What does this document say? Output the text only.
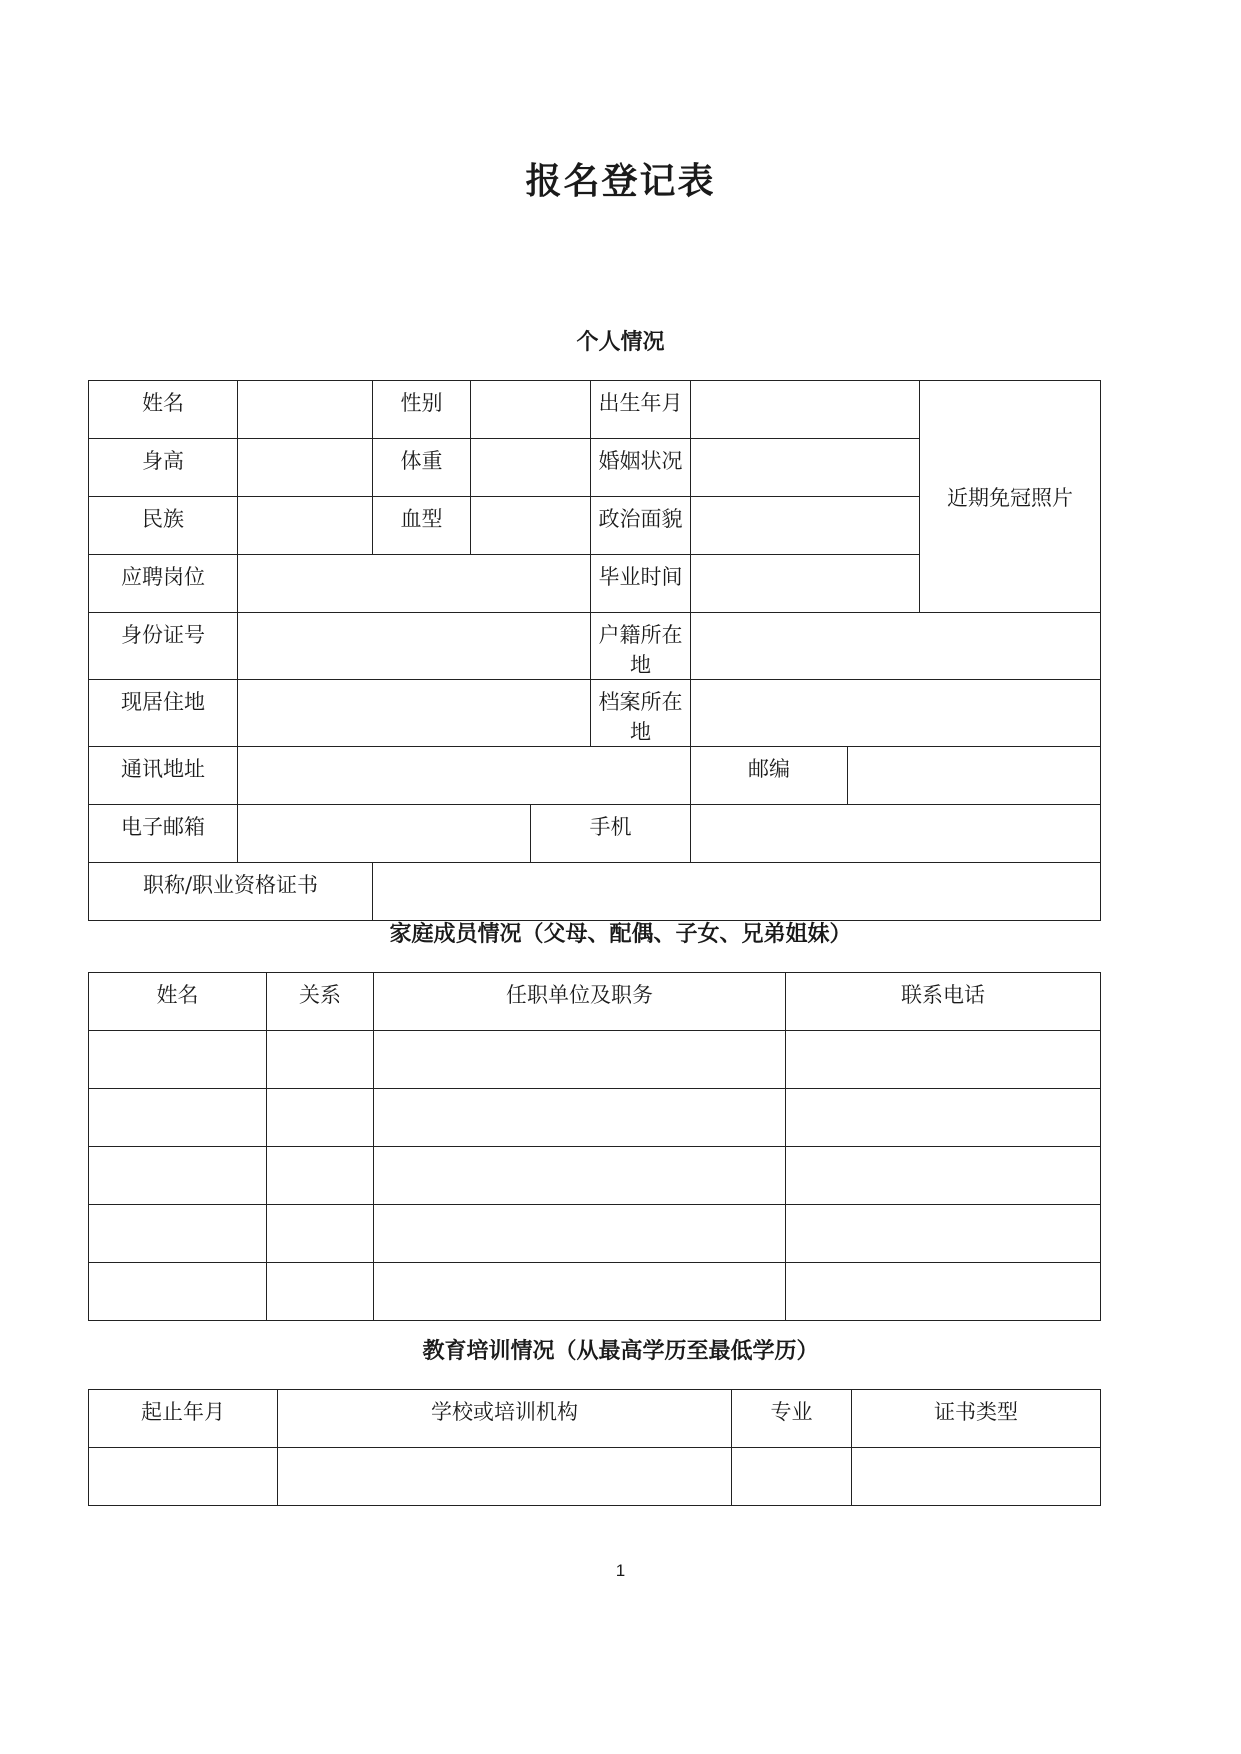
报名登记表
个人情况
姓名		性别			出生年月			近期免冠照片
身高		体重			婚姻状况			
民族		血型			政治面貌			
应聘岗位					毕业时间			
身份证号					户籍所在地			
现居住地					档案所在地			
通讯地址						邮编		
电子邮箱				手机				
职称/职业资格证书								
家庭成员情况（父母、配偶、子女、兄弟姐妹）
姓名	关系	任职单位及职务	联系电话

教育培训情况（从最高学历至最低学历）
起止年月	学校或培训机构	专业	证书类型

1
